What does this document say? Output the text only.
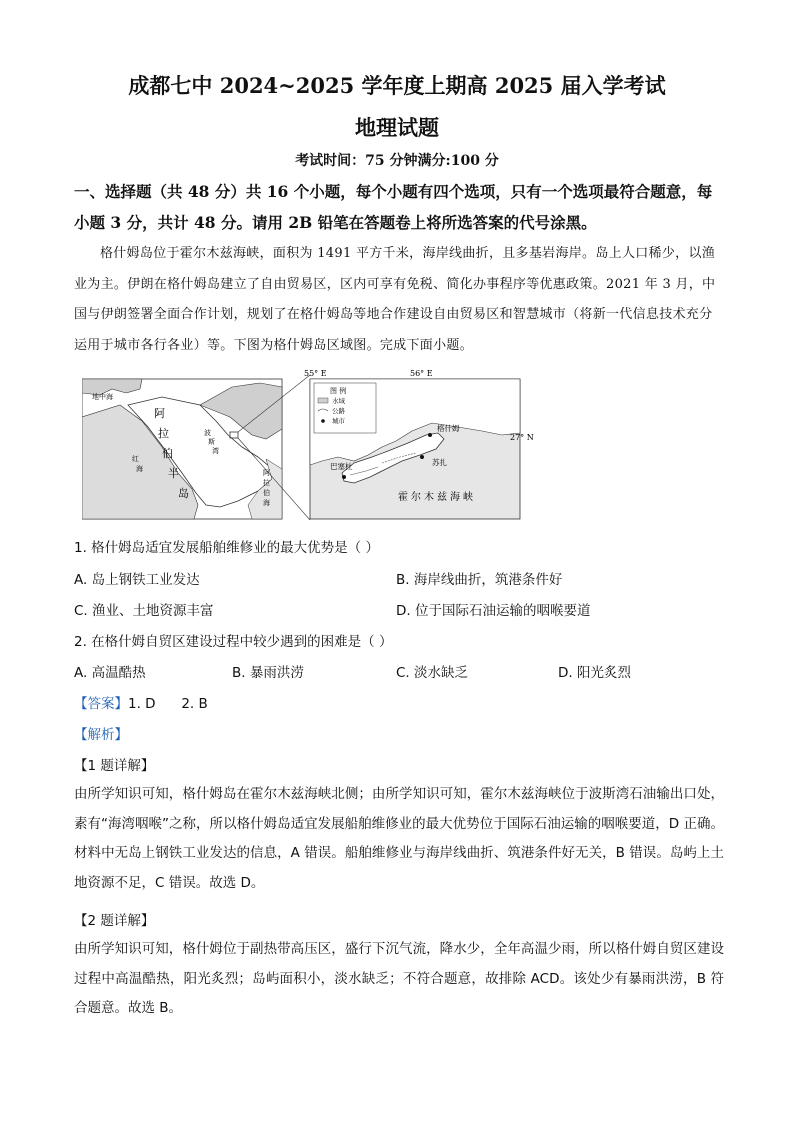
成都七中 2024~2025 学年度上期高 2025 届入学考试
地理试题
考试时间：75 分钟满分:100 分
一、选择题（共 48 分）共 16 个小题，每个小题有四个选项，只有一个选项最符合题意，每小题 3 分，共计 48 分。请用 2B 铅笔在答题卷上将所选答案的代号涂黑。
格什姆岛位于霍尔木兹海峡，面积为 1491 平方千米，海岸线曲折，且多基岩海岸。岛上人口稀少，以渔业为主。伊朗在格什姆岛建立了自由贸易区，区内可享有免税、简化办事程序等优惠政策。2021 年 3 月，中国与伊朗签署全面合作计划，规划了在格什姆岛等地合作建设自由贸易区和智慧城市（将新一代信息技术充分运用于城市各行各业）等。下图为格什姆岛区域图。完成下面小题。
地中海
阿
拉
伯
半
岛
红
海
波
斯
湾
阿
拉
伯
海
图 例
水域
公路
城市
55° E	56° E
27° N
格什姆
巴塞杜	苏扎
霍尔木兹海峡
1. 格什姆岛适宜发展船舶维修业的最大优势是（ ）
A. 岛上钢铁工业发达	B. 海岸线曲折，筑港条件好
C. 渔业、土地资源丰富	D. 位于国际石油运输的咽喉要道
2. 在格什姆自贸区建设过程中较少遇到的困难是（ ）
A. 高温酷热	B. 暴雨洪涝	C. 淡水缺乏	D. 阳光炙烈
【答案】1. D      2. B
【解析】
【1 题详解】
由所学知识可知，格什姆岛在霍尔木兹海峡北侧；由所学知识可知，霍尔木兹海峡位于波斯湾石油输出口处，素有“海湾咽喉”之称，所以格什姆岛适宜发展船舶维修业的最大优势位于国际石油运输的咽喉要道，D 正确。材料中无岛上钢铁工业发达的信息，A 错误。船舶维修业与海岸线曲折、筑港条件好无关，B 错误。岛屿上土地资源不足，C 错误。故选 D。
【2 题详解】
由所学知识可知，格什姆位于副热带高压区，盛行下沉气流，降水少，全年高温少雨，所以格什姆自贸区建设过程中高温酷热，阳光炙烈；岛屿面积小，淡水缺乏；不符合题意，故排除 ACD。该处少有暴雨洪涝，B 符合题意。故选 B。
